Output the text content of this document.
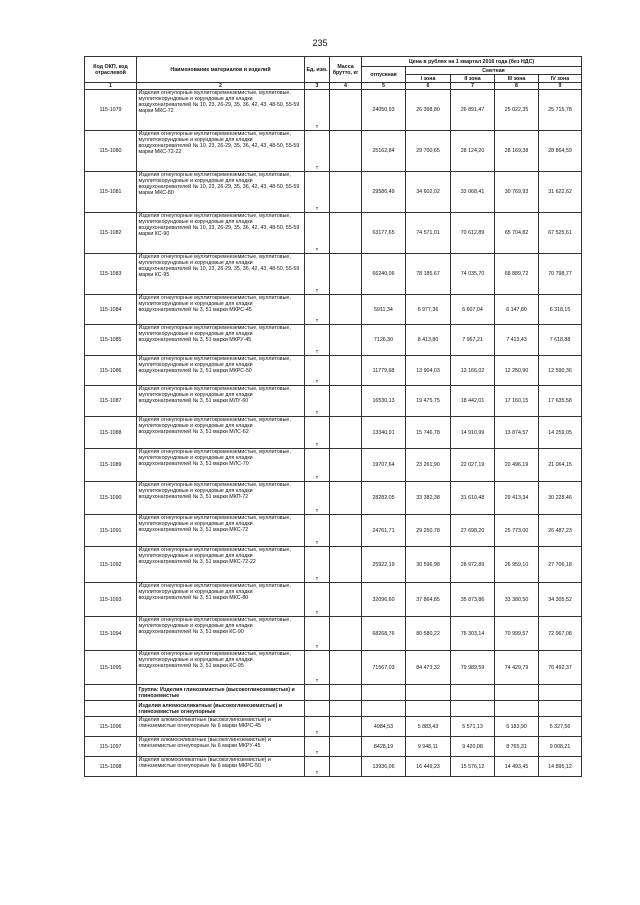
235
Код ОКП, код отраслевой	Наименование материалов и изделий	Ед. изм.	Масса брутто, кг	Цена в рублях на 1 квартал 2016 года (без НДС)				
				отпускная	Сметная			
					I зона	II зона	III зона	IV зона
1	2	3	4	5	6	7	8	9
115-1079	Изделия огнеупорные муллитокремнеземистые, муллитовые, муллитокорундовые и корундовые для кладки воздухонагревателей № 10, 23, 26-29, 35, 36, 42, 43, 48-50, 55-59 марки МКС-72	т		24050,93	26 398,80	26 891,47	25 022,35	25 715,78
115-1080	Изделия огнеупорные муллитокремнеземистые, муллитовые, муллитокорундовые и корундовые для кладки воздухонагревателей № 10, 23, 26-29, 35, 36, 42, 43, 48-50, 55-59 марки МКС-72-22	т		25162,84	29 700,65	28 124,20	28 169,38	28 864,59
115-1081	Изделия огнеупорные муллитокремнеземистые, муллитовые, муллитокорундовые и корундовые для кладки воздухонагревателей № 10, 23, 26-29, 35, 36, 42, 43, 48-50, 55-59 марки МКС-80	т		29586,49	34 602,02	33 068,41	30 769,93	31 622,62
115-1082	Изделия огнеупорные муллитокремнеземистые, муллитовые, муллитокорундовые и корундовые для кладки воздухонагревателей № 10, 23, 26-29, 35, 36, 42, 43, 48-50, 55-59 марки КС-90	т		63177,65	74 571,01	70 612,89	65 704,82	67 525,61
115-1083	Изделия огнеупорные муллитокремнеземистые, муллитовые, муллитокорундовые и корундовые для кладки воздухонагревателей № 10, 23, 26-29, 35, 36, 42, 43, 48-50, 55-59 марки КС-95	т		66240,06	78 185,67	74 035,70	68 889,72	70 798,77
115-1084	Изделия огнеупорные муллитокремнеземистые, муллитовые, муллитокорундовые и корундовые для кладки воздухонагревателей № 3, 51 марки МКРС-45	т		5911,34	6 977,36	6 607,04	6 147,80	6 318,15
115-1085	Изделия огнеупорные муллитокремнеземистые, муллитовые, муллитокорундовые и корундовые для кладки воздухонагревателей № 3, 51 марки МКРУ-45	т		7126,30	8 413,80	7 967,21	7 413,43	7 618,88
115-1086	Изделия огнеупорные муллитокремнеземистые, муллитовые, муллитокорундовые и корундовые для кладки воздухонагревателей № 3, 51 марки МКРС-50	т		11779,68	13 904,03	13 166,02	12 250,90	12 590,36
115-1087	Изделия огнеупорные муллитокремнеземистые, муллитовые, муллитокорундовые и корундовые для кладки воздухонагревателей № 3, 51 марки МЛУ-60	т		16530,13	19 475,75	18 442,01	17 160,15	17 635,58
115-1088	Изделия огнеупорные муллитокремнеземистые, муллитовые, муллитокорундовые и корундовые для кладки воздухонагревателей № 3, 51 марки МЛС-62	т		13340,91	15 746,78	14 910,99	13 874,57	14 259,05
115-1089	Изделия огнеупорные муллитокремнеземистые, муллитовые, муллитокорундовые и корундовые для кладки воздухонагревателей № 3, 51 марки МЛС-70	т		19707,64	23 261,90	22 027,19	20 496,19	21 064,15
115-1090	Изделия огнеупорные муллитокремнеземистые, муллитовые, муллитокорундовые и корундовые для кладки воздухонагревателей № 3, 51 марки МКП-72	т		28282,05	33 382,38	31 610,48	29 413,34	30 228,46
115-1091	Изделия огнеупорные муллитокремнеземистые, муллитовые, муллитокорундовые и корундовые для кладки воздухонагревателей № 3, 51 марки МКС-72	т		24761,71	29 250,78	27 698,20	25 773,00	26 487,23
115-1092	Изделия огнеупорные муллитокремнеземистые, муллитовые, муллитокорундовые и корундовые для кладки воздухонагревателей № 3, 51 марки МКС-72-22	т		25922,19	30 596,98	28 972,89	26 959,10	27 706,18
115-1093	Изделия огнеупорные муллитокремнеземистые, муллитовые, муллитокорундовые и корундовые для кладки воздухонагревателей № 3, 51 марки МКС-80	т		32096,60	37 864,85	35 873,86	33 380,50	34 305,52
115-1094	Изделия огнеупорные муллитокремнеземистые, муллитовые, муллитокорундовые и корундовые для кладки воздухонагревателей № 3, 51 марки КС-90	т		68268,76	80 580,22	76 303,14	70 999,57	72 967,08
115-1095	Изделия огнеупорные муллитокремнеземистые, муллитовые, муллитокорундовые и корундовые для кладки воздухонагревателей № 3, 51 марки КС-95	т		71567,03	84 473,32	79 989,59	74 429,79	76 492,37
	Группа: Изделия глиноземистые (высокоглиноземистые) и глиноземистые							
	Изделия алюмосиликатные (высокоглиноземистые) и глиноземистые огнеупорные							
115-1096	Изделия алюмосиликатные (высокоглиноземистые) и глиноземистые огнеупорные № 6 марки МКРС-45	т		4984,53	5 883,43	5 571,13	5 183,90	5 327,56
115-1097	Изделия алюмосиликатные (высокоглиноземистые) и глиноземистые огнеупорные № 6 марки МКРУ-45	т		8428,19	9 948,11	9 420,08	8 765,31	9 008,21
115-1098	Изделия алюмосиликатные (высокоглиноземистые) и глиноземистые огнеупорные № 6 марки МКРС-50	т		13936,06	16 449,23	15 576,12	14 493,45	14 895,12
